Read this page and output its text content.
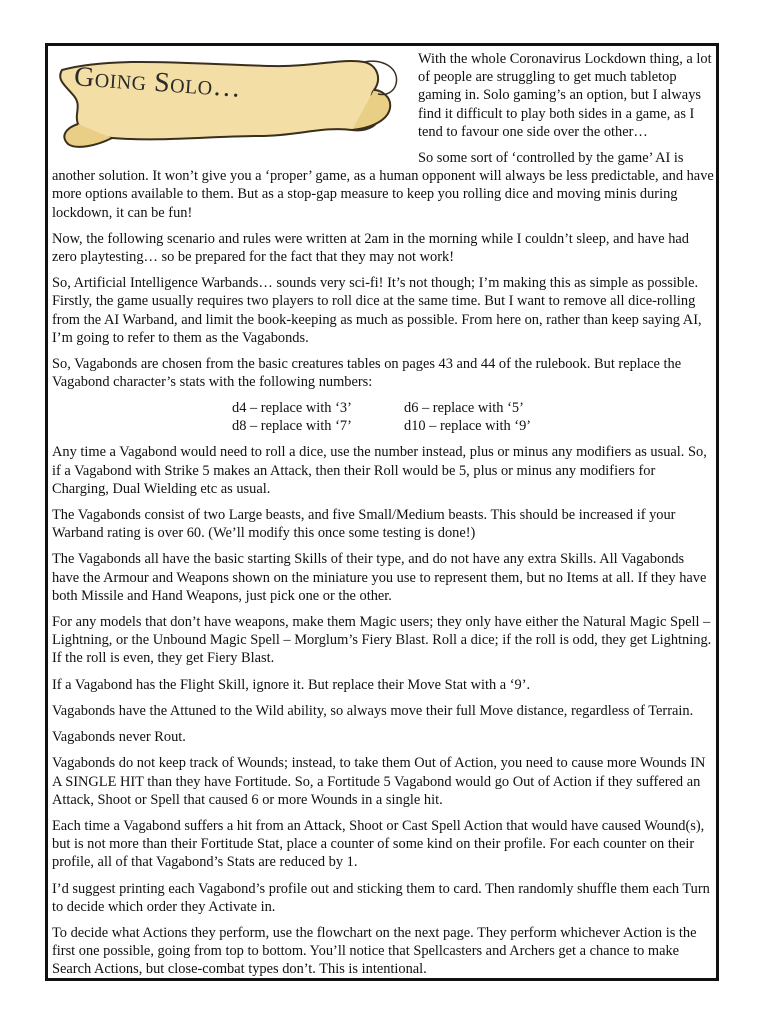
Going Solo…

With the whole Coronavirus Lockdown thing, a lot of people are struggling to get much tabletop gaming in. Solo gaming’s an option, but I always find it difficult to play both sides in a game, as I tend to favour one side over the other…

So some sort of ‘controlled by the game’ AI is another solution. It won’t give you a ‘proper’ game, as a human opponent will always be less predictable, and have more options available to them. But as a stop-gap measure to keep you rolling dice and moving minis during lockdown, it can be fun!

Now, the following scenario and rules were written at 2am in the morning while I couldn’t sleep, and have had zero playtesting… so be prepared for the fact that they may not work!

So, Artificial Intelligence Warbands… sounds very sci-fi! It’s not though; I’m making this as simple as possible. Firstly, the game usually requires two players to roll dice at the same time. But I want to remove all dice-rolling from the AI Warband, and limit the book-keeping as much as possible. From here on, rather than keep saying AI, I’m going to refer to them as the Vagabonds.

So, Vagabonds are chosen from the basic creatures tables on pages 43 and 44 of the rulebook. But replace the Vagabond character’s stats with the following numbers:

d4 – replace with ‘3’	d6 – replace with ‘5’
d8 – replace with ‘7’	d10 – replace with ‘9’

Any time a Vagabond would need to roll a dice, use the number instead, plus or minus any modifiers as usual. So, if a Vagabond with Strike 5 makes an Attack, then their Roll would be 5, plus or minus any modifiers for Charging, Dual Wielding etc as usual.

The Vagabonds consist of two Large beasts, and five Small/Medium beasts. This should be increased if your Warband rating is over 60. (We’ll modify this once some testing is done!)

The Vagabonds all have the basic starting Skills of their type, and do not have any extra Skills. All Vagabonds have the Armour and Weapons shown on the miniature you use to represent them, but no Items at all. If they have both Missile and Hand Weapons, just pick one or the other.

For any models that don’t have weapons, make them Magic users; they only have either the Natural Magic Spell – Lightning, or the Unbound Magic Spell – Morglum’s Fiery Blast. Roll a dice; if the roll is odd, they get Lightning. If the roll is even, they get Fiery Blast.

If a Vagabond has the Flight Skill, ignore it. But replace their Move Stat with a ‘9’.

Vagabonds have the Attuned to the Wild ability, so always move their full Move distance, regardless of Terrain.

Vagabonds never Rout.

Vagabonds do not keep track of Wounds; instead, to take them Out of Action, you need to cause more Wounds IN A SINGLE HIT than they have Fortitude. So, a Fortitude 5 Vagabond would go Out of Action if they suffered an Attack, Shoot or Spell that caused 6 or more Wounds in a single hit.

Each time a Vagabond suffers a hit from an Attack, Shoot or Cast Spell Action that would have caused Wound(s), but is not more than their Fortitude Stat, place a counter of some kind on their profile. For each counter on their profile, all of that Vagabond’s Stats are reduced by 1.

I’d suggest printing each Vagabond’s profile out and sticking them to card. Then randomly shuffle them each Turn to decide which order they Activate in.

To decide what Actions they perform, use the flowchart on the next page. They perform whichever Action is the first one possible, going from top to bottom. You’ll notice that Spellcasters and Archers get a chance to make Search Actions, but close-combat types don’t. This is intentional.
